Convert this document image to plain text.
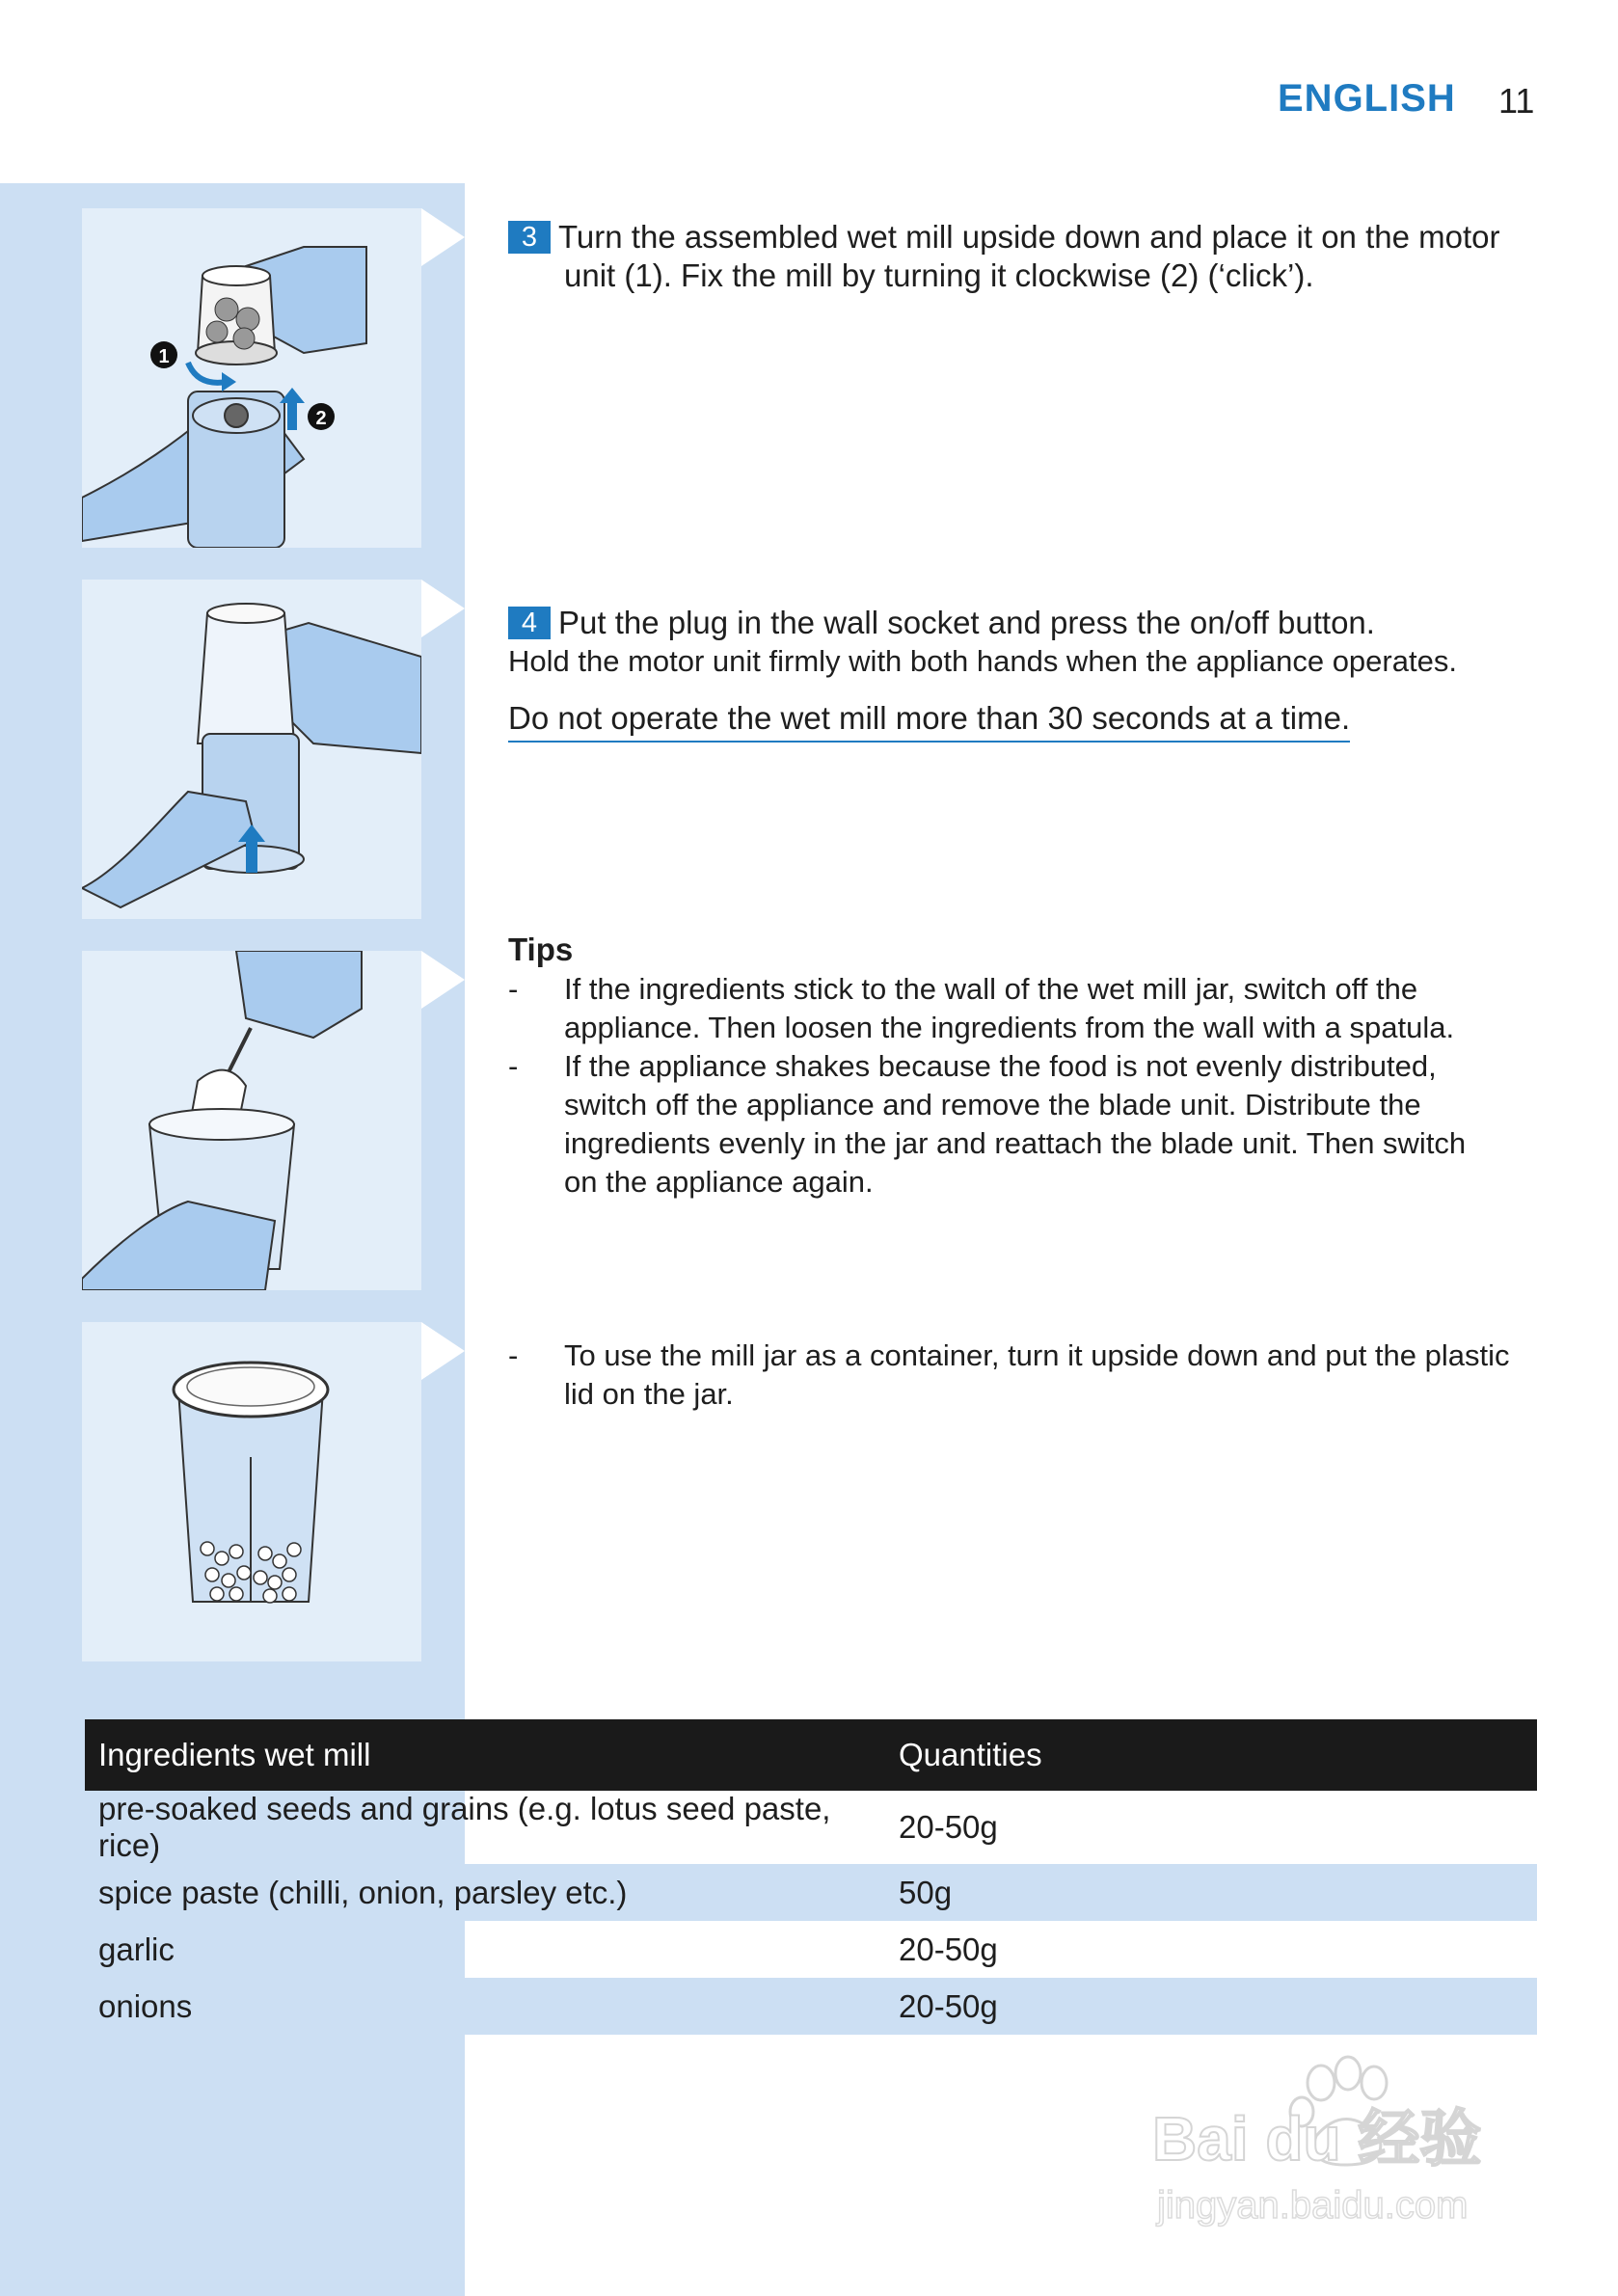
ENGLISH 11
1
2
3 Turn the assembled wet mill upside down and place it on the motor
unit (1). Fix the mill by turning it clockwise (2) (‘click’).
4 Put the plug in the wall socket and press the on/off button.
Hold the motor unit firmly with both hands when the appliance operates.
Do not operate the wet mill more than 30 seconds at a time.
Tips
-	If the ingredients stick to the wall of the wet mill jar, switch off the
appliance. Then loosen the ingredients from the wall with a spatula.
-	If the appliance shakes because the food is not evenly distributed,
switch off the appliance and remove the blade unit. Distribute the
ingredients evenly in the jar and reattach the blade unit. Then switch
on the appliance again.
-	To use the mill jar as a container, turn it upside down and put the plastic
lid on the jar.
Ingredients wet mill	Quantities
pre-soaked seeds and grains (e.g. lotus seed paste, rice)	20-50g
spice paste (chilli, onion, parsley etc.)	50g
garlic	20-50g
onions	20-50g
Bai du 经验
jingyan.baidu.com
